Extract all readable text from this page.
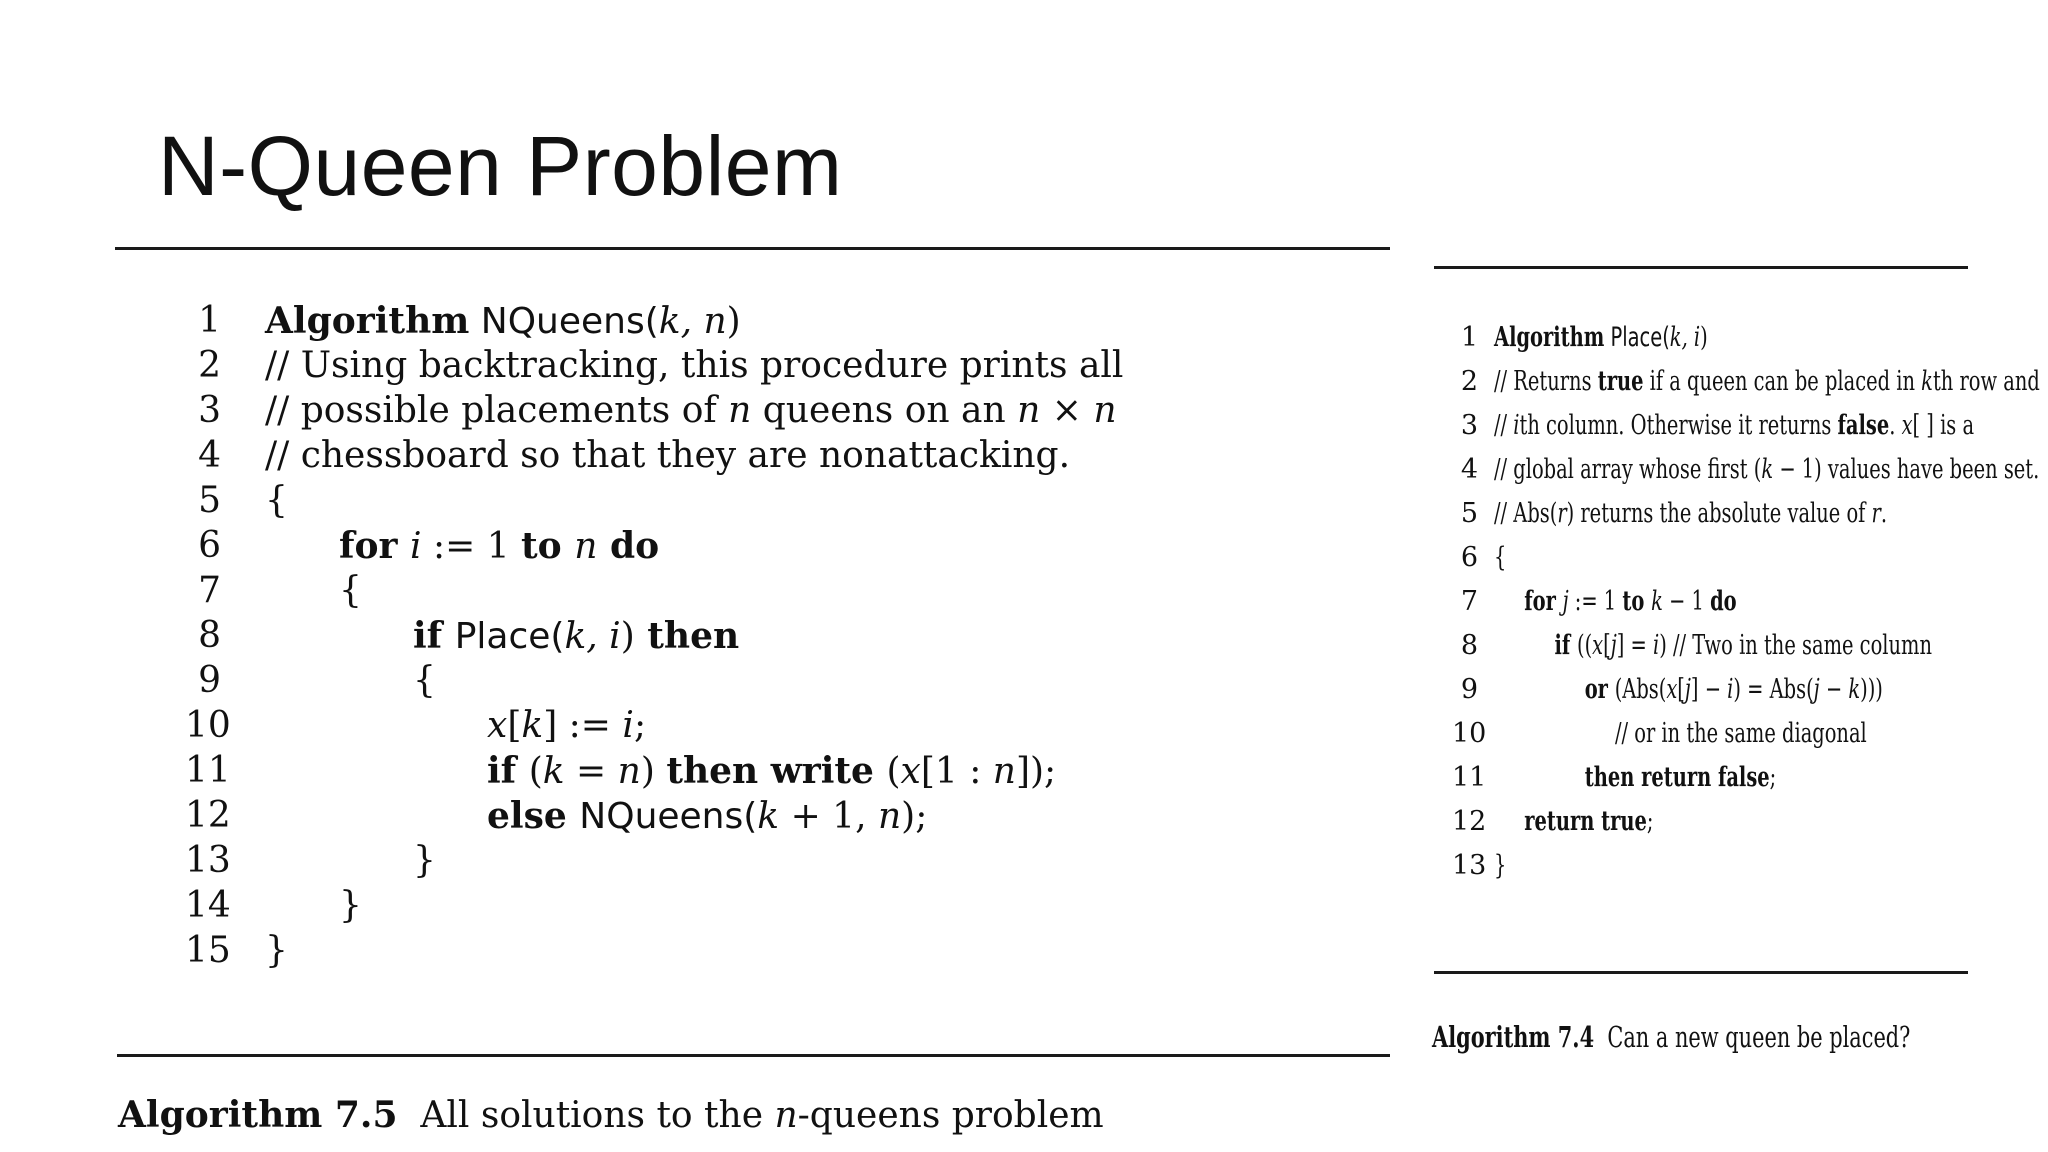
N-Queen Problem
1 Algorithm NQueens(k, n)
2 // Using backtracking, this procedure prints all
3 // possible placements of n queens on an n × n
4 // chessboard so that they are nonattacking.
5 {
6	for i := 1 to n do
7	{
8	if Place(k, i) then
9	{
10	x[k] := i;
11	if (k = n) then write (x[1 : n]);
12	else NQueens(k + 1, n);
13	}
14	}
15 }
1 Algorithm Place(k, i)
2 // Returns true if a queen can be placed in kth row and
3 // ith column. Otherwise it returns false. x[ ] is a
4 // global array whose first (k − 1) values have been set.
5 // Abs(r) returns the absolute value of r.
6 {
7	for j := 1 to k − 1 do
8	if ((x[j] = i) // Two in the same column
9	or (Abs(x[j] − i) = Abs(j − k)))
10	// or in the same diagonal
11	then return false;
12	return true;
13 }
Algorithm 7.5  All solutions to the n-queens problem
Algorithm 7.4  Can a new queen be placed?
